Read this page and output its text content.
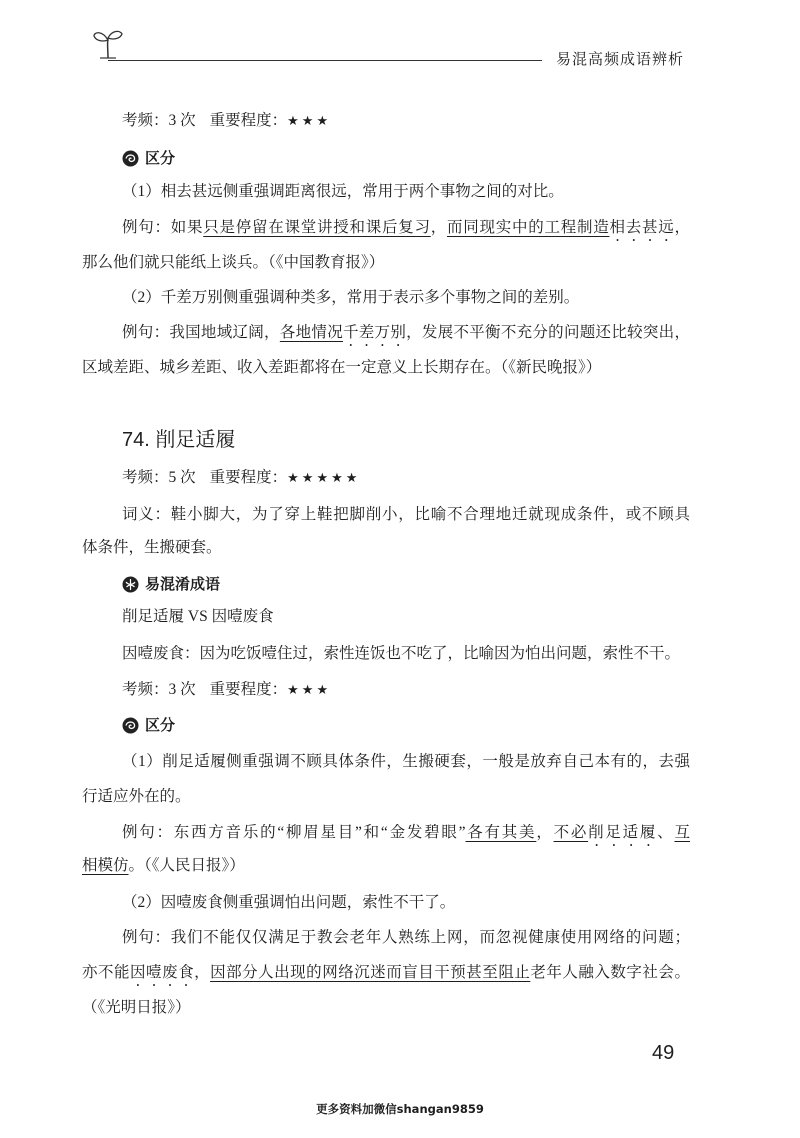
易混高频成语辨析
考频：3 次 重要程度：★★★
区分
（1）相去甚远侧重强调距离很远，常用于两个事物之间的对比。
例句：如果只是停留在课堂讲授和课后复习，而同现实中的工程制造相去甚远，
那么他们就只能纸上谈兵。（《中国教育报》）
（2）千差万别侧重强调种类多，常用于表示多个事物之间的差别。
例句：我国地域辽阔，各地情况千差万别，发展不平衡不充分的问题还比较突出，
区域差距、城乡差距、收入差距都将在一定意义上长期存在。（《新民晚报》）
74. 削足适履
考频：5 次 重要程度：★★★★★
词义：鞋小脚大，为了穿上鞋把脚削小，比喻不合理地迁就现成条件，或不顾具
体条件，生搬硬套。
易混淆成语
削足适履 VS 因噎废食
因噎废食：因为吃饭噎住过，索性连饭也不吃了，比喻因为怕出问题，索性不干。
考频：3 次 重要程度：★★★
区分
（1）削足适履侧重强调不顾具体条件，生搬硬套，一般是放弃自己本有的，去强
行适应外在的。
例句：东西方音乐的“柳眉星目”和“金发碧眼”各有其美，不必削足适履、互
相模仿。（《人民日报》）
（2）因噎废食侧重强调怕出问题，索性不干了。
例句：我们不能仅仅满足于教会老年人熟练上网，而忽视健康使用网络的问题；
亦不能因噎废食，因部分人出现的网络沉迷而盲目干预甚至阻止老年人融入数字社会。
（《光明日报》）
49
更多资料加微信shangan9859
